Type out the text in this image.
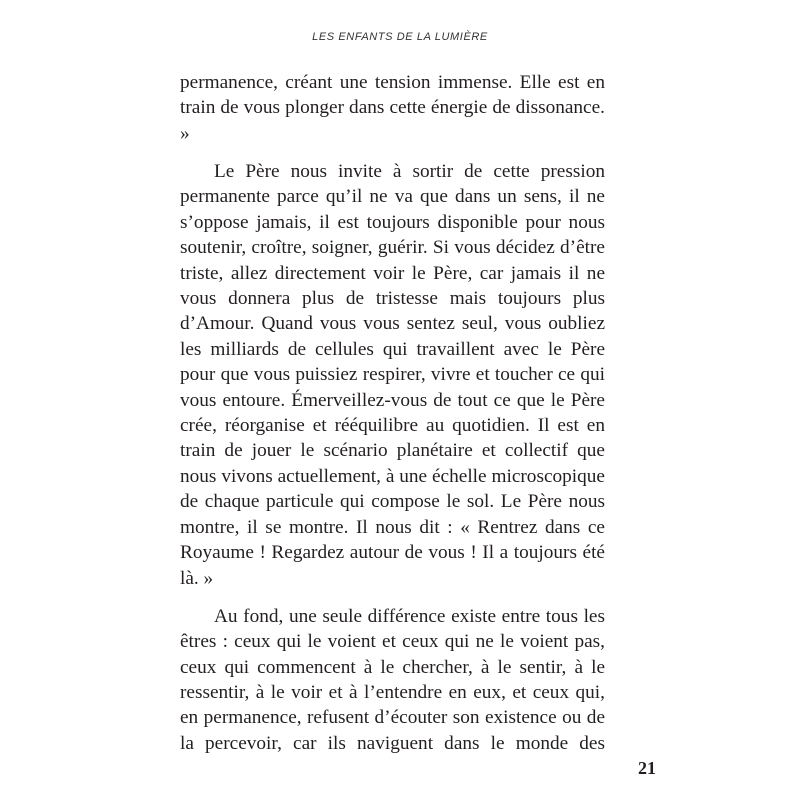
LES ENFANTS DE LA LUMIÈRE

permanence, créant une tension immense. Elle est en train de vous plonger dans cette énergie de dissonance. »

Le Père nous invite à sortir de cette pression permanente parce qu’il ne va que dans un sens, il ne s’oppose jamais, il est toujours disponible pour nous soutenir, croître, soigner, guérir. Si vous décidez d’être triste, allez directement voir le Père, car jamais il ne vous donnera plus de tristesse mais toujours plus d’Amour. Quand vous vous sentez seul, vous oubliez les milliards de cellules qui travaillent avec le Père pour que vous puissiez respirer, vivre et toucher ce qui vous entoure. Émerveillez-vous de tout ce que le Père crée, réorganise et rééquilibre au quotidien. Il est en train de jouer le scénario planétaire et collectif que nous vivons actuellement, à une échelle microscopique de chaque particule qui compose le sol. Le Père nous montre, il se montre. Il nous dit : « Rentrez dans ce Royaume ! Regardez autour de vous ! Il a toujours été là. »

Au fond, une seule différence existe entre tous les êtres : ceux qui le voient et ceux qui ne le voient pas, ceux qui commencent à le chercher, à le sentir, à le ressentir, à le voir et à l’entendre en eux, et ceux qui, en permanence, refusent d’écouter son existence ou de la percevoir, car ils naviguent dans le monde des

21
